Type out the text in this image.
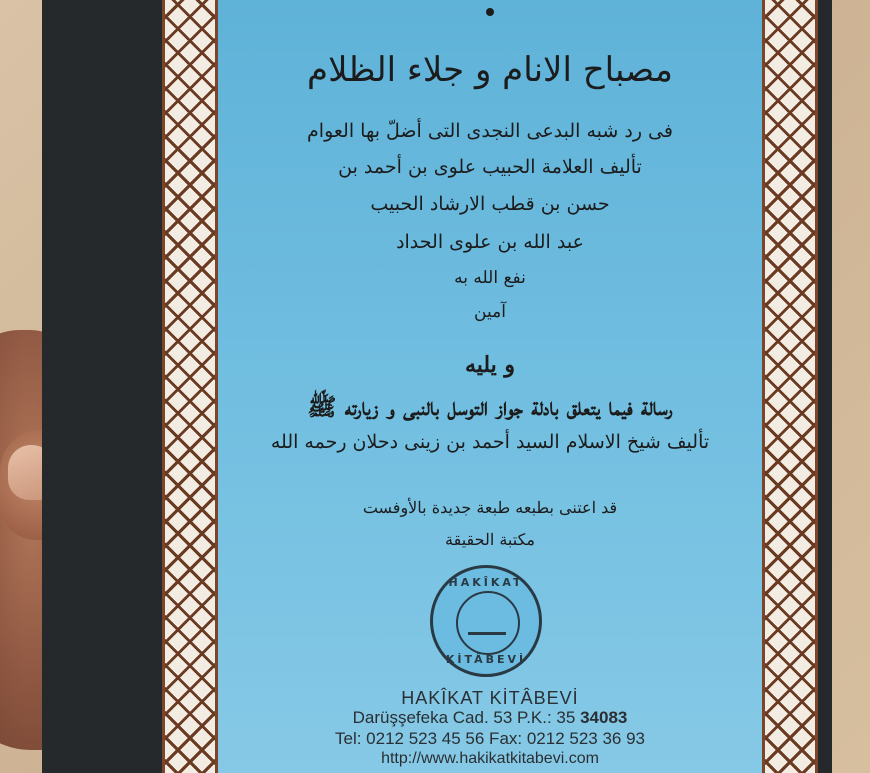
مصباح الانام و جلاء الظلام
فى رد شبه البدعى النجدى التى أضلّ بها العوام
تأليف العلامة الحبيب علوى بن أحمد بن
حسن بن قطب الارشاد الحبيب
عبد الله بن علوى الحداد
نفع الله به
آمين
و يليه
رسالة فيما يتعلق بادلة جواز التوسل بالنبى و زيارته ﷺ
تأليف شيخ الاسلام السيد أحمد بن زينى دحلان رحمه الله
قد اعتنى بطبعه طبعة جديدة بالأوفست
مكتبة الحقيقة
HAKÎKAT
KİTÂBEVİ
HAKÎKAT KİTÂBEVİ
Darüşşefeka Cad. 53 P.K.: 35 34083
Tel: 0212 523 45 56 Fax: 0212 523 36 93
http://www.hakikatkitabevi.com
